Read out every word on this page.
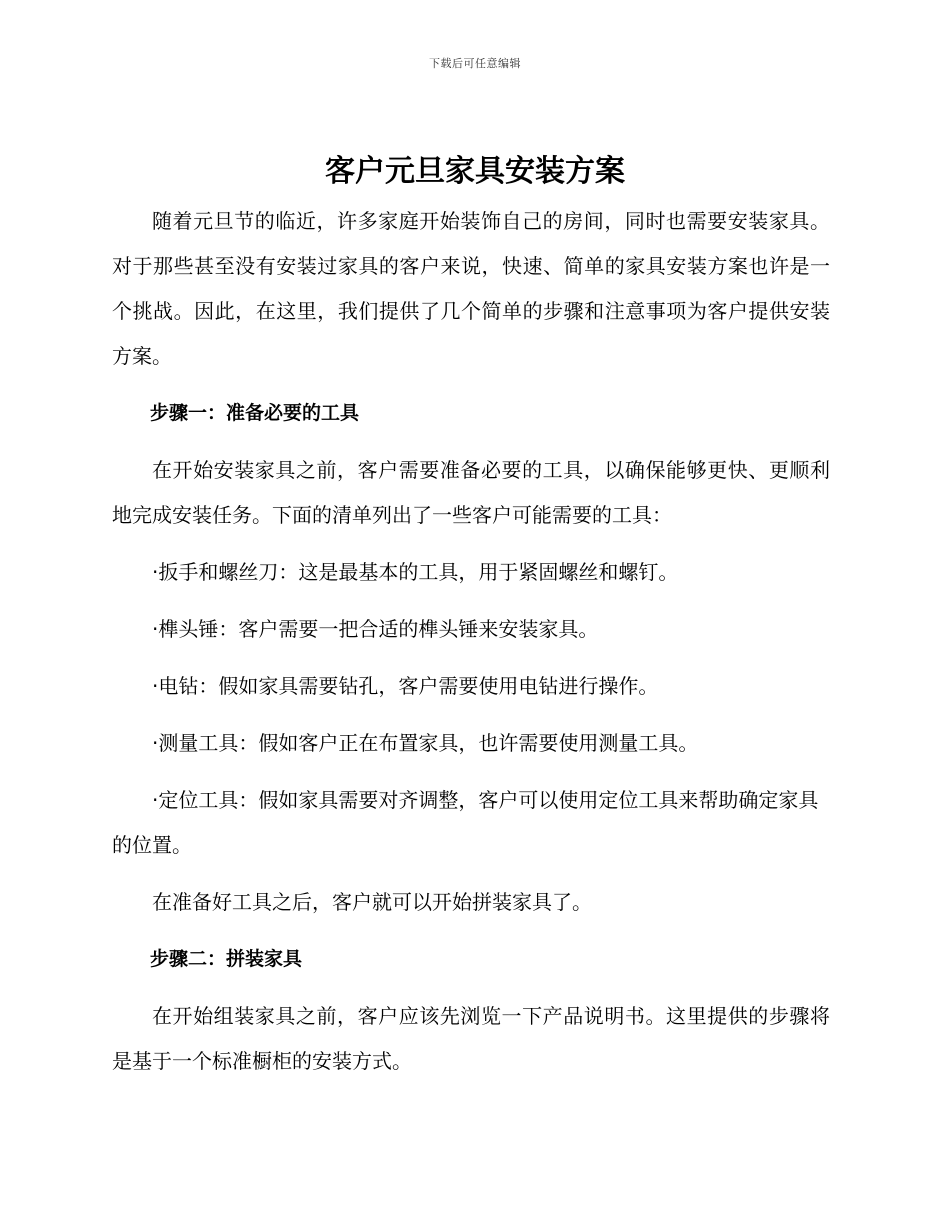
下载后可任意编辑
客户元旦家具安装方案

随着元旦节的临近，许多家庭开始装饰自己的房间，同时也需要安装家具。对于那些甚至没有安装过家具的客户来说，快速、简单的家具安装方案也许是一个挑战。因此，在这里，我们提供了几个简单的步骤和注意事项为客户提供安装方案。

步骤一：准备必要的工具

在开始安装家具之前，客户需要准备必要的工具，以确保能够更快、更顺利地完成安装任务。下面的清单列出了一些客户可能需要的工具：

·扳手和螺丝刀：这是最基本的工具，用于紧固螺丝和螺钉。
·榫头锤：客户需要一把合适的榫头锤来安装家具。
·电钻：假如家具需要钻孔，客户需要使用电钻进行操作。
·测量工具：假如客户正在布置家具，也许需要使用测量工具。
·定位工具：假如家具需要对齐调整，客户可以使用定位工具来帮助确定家具的位置。

在准备好工具之后，客户就可以开始拼装家具了。

步骤二：拼装家具

在开始组装家具之前，客户应该先浏览一下产品说明书。这里提供的步骤将是基于一个标准橱柜的安装方式。
